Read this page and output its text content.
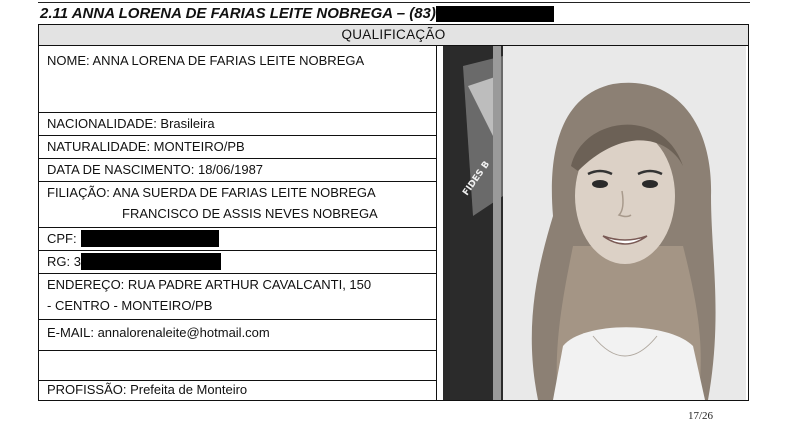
2.11 ANNA LORENA DE FARIAS LEITE NOBREGA – (83)
QUALIFICAÇÃO
NOME: ANNA LORENA DE FARIAS LEITE NOBREGA
NACIONALIDADE: Brasileira
NATURALIDADE: MONTEIRO/PB
DATA DE NASCIMENTO: 18/06/1987
FILIAÇÃO: ANA SUERDA DE FARIAS LEITE NOBREGA
FRANCISCO DE ASSIS NEVES NOBREGA
CPF:
RG: 3
ENDEREÇO: RUA PADRE ARTHUR CAVALCANTI, 150
- CENTRO - MONTEIRO/PB
E-MAIL: annalorenaleite@hotmail.com
PROFISSÃO: Prefeita de Monteiro
FIDES B
17/26
